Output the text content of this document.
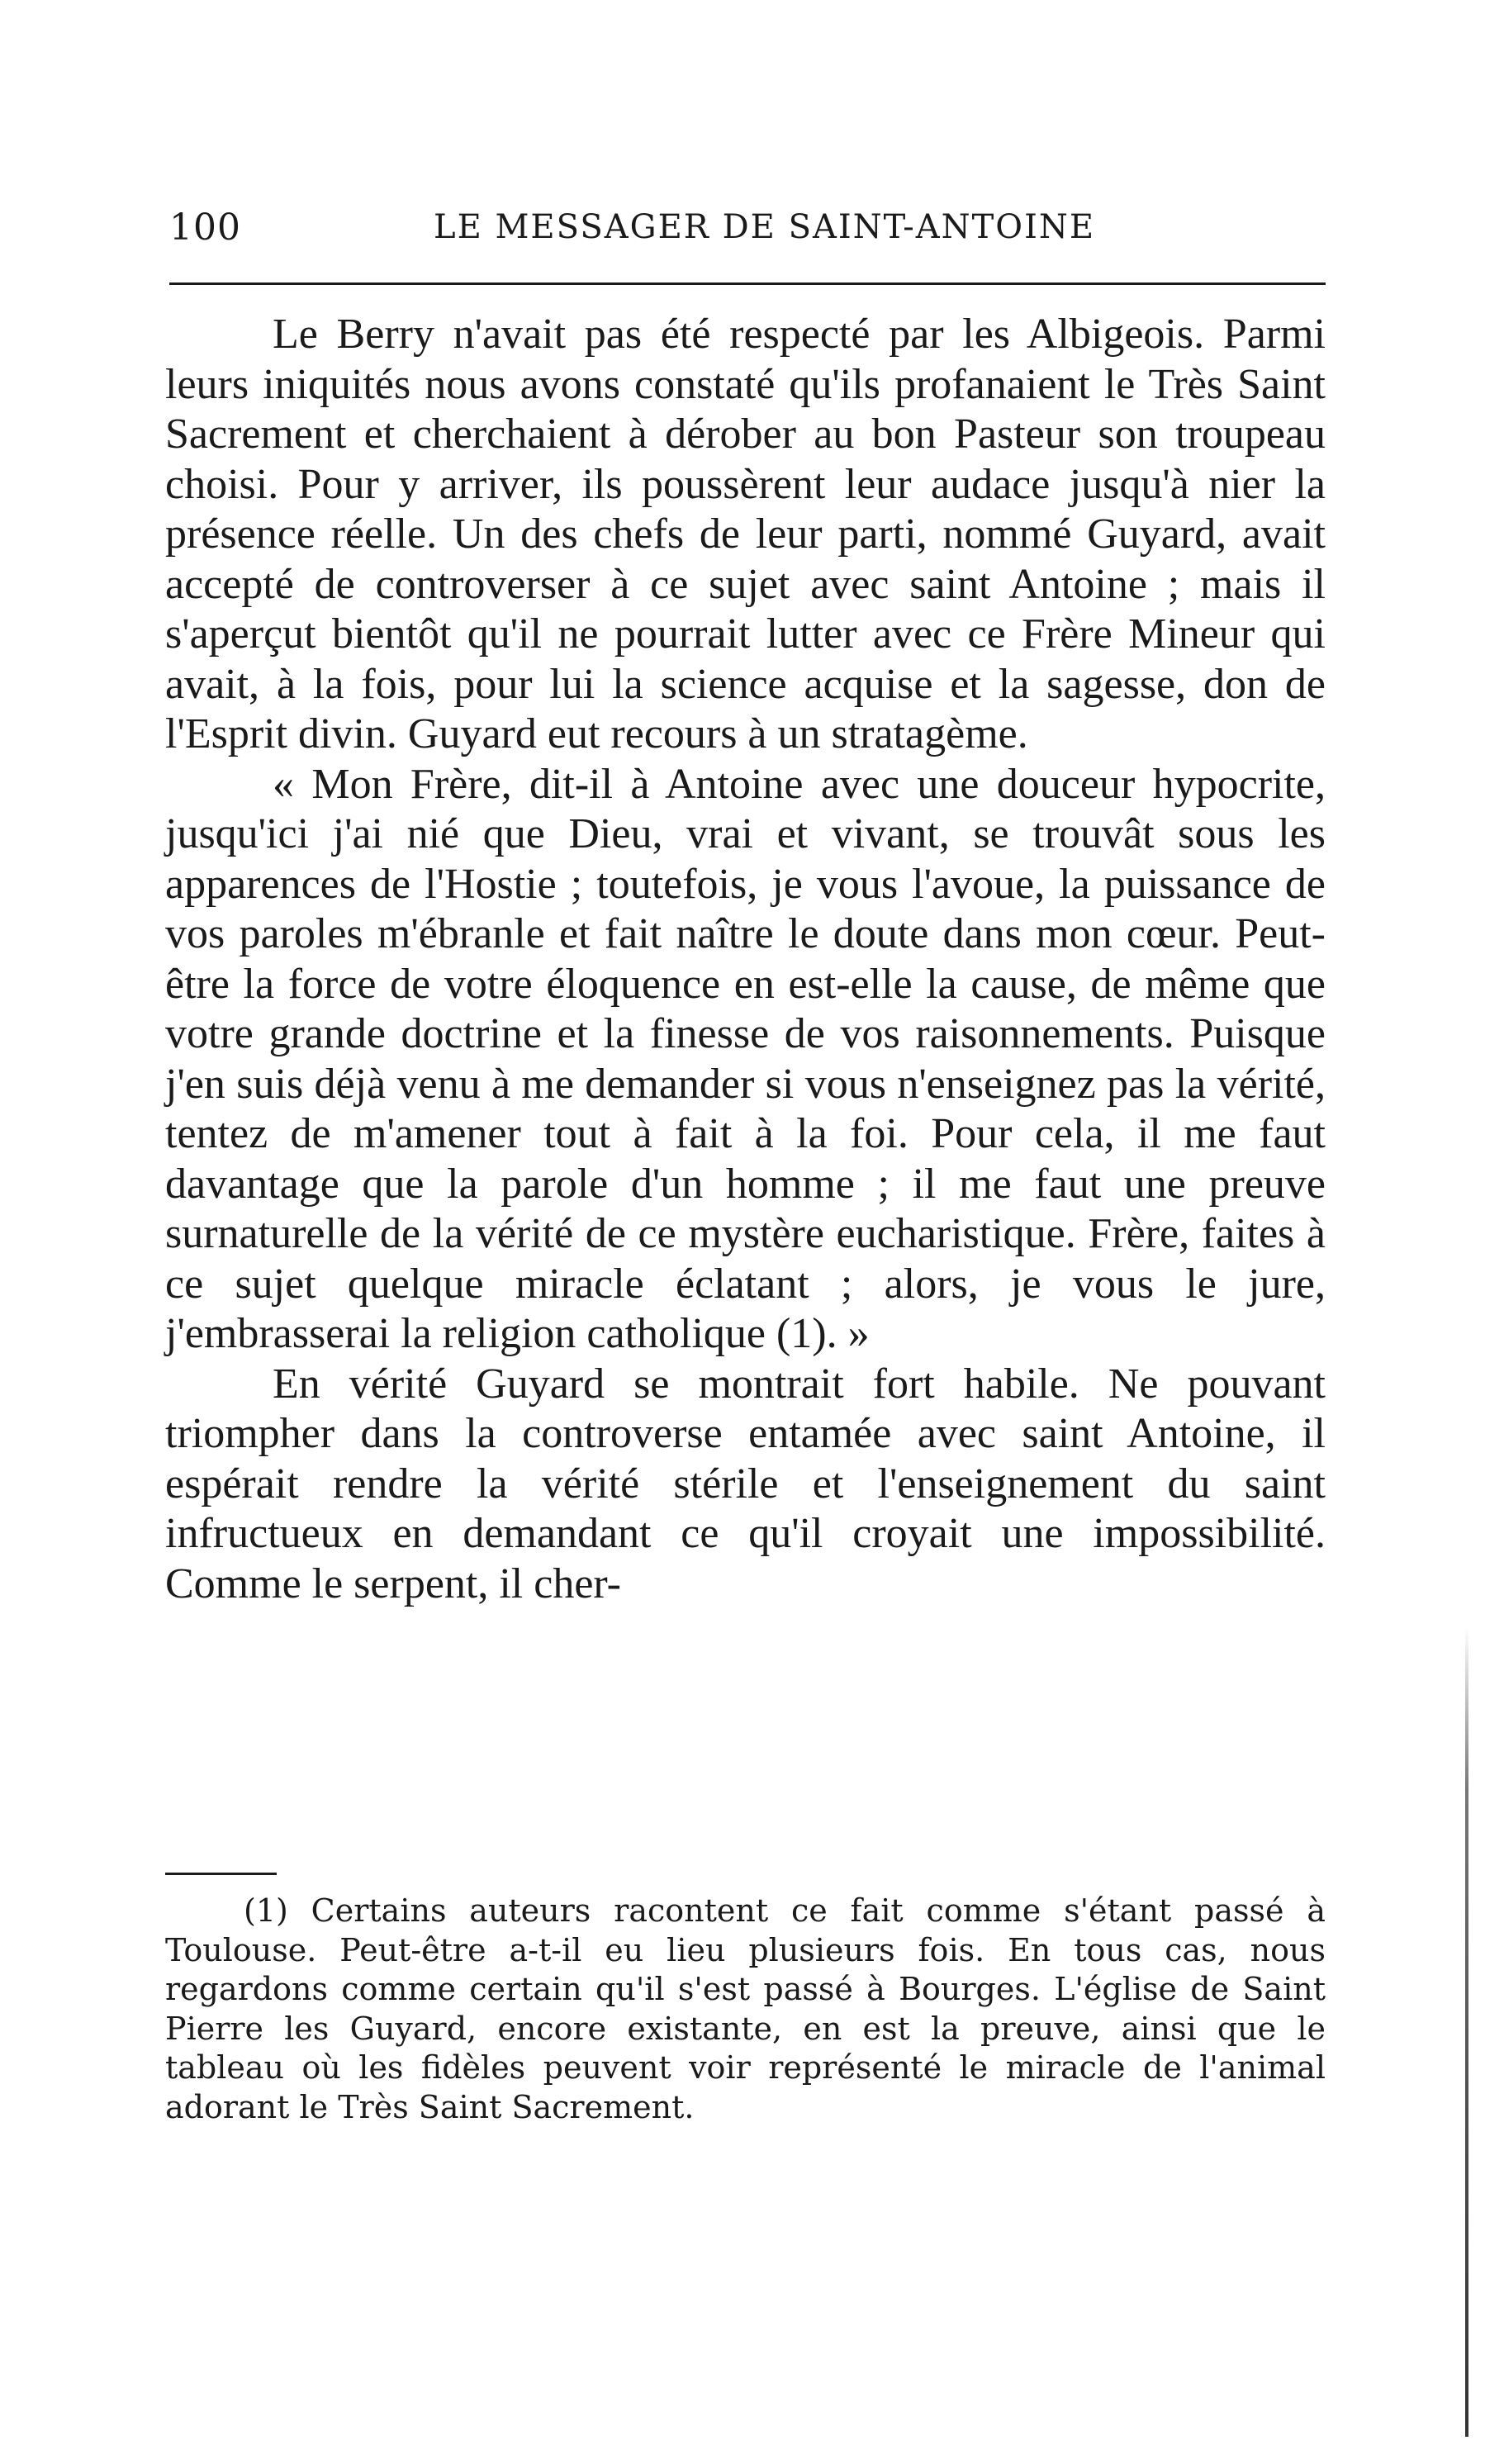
100	LE MESSAGER DE SAINT-ANTOINE

Le Berry n'avait pas été respecté par les Albigeois. Parmi leurs iniquités nous avons constaté qu'ils profanaient le Très Saint Sacrement et cherchaient à dérober au bon Pasteur son troupeau choisi. Pour y arriver, ils poussèrent leur audace jusqu'à nier la présence réelle. Un des chefs de leur parti, nommé Guyard, avait accepté de controverser à ce sujet avec saint Antoine ; mais il s'aperçut bientôt qu'il ne pourrait lutter avec ce Frère Mineur qui avait, à la fois, pour lui la science acquise et la sagesse, don de l'Esprit divin. Guyard eut recours à un stratagème.

« Mon Frère, dit-il à Antoine avec une douceur hypocrite, jusqu'ici j'ai nié que Dieu, vrai et vivant, se trouvât sous les apparences de l'Hostie ; toutefois, je vous l'avoue, la puissance de vos paroles m'ébranle et fait naître le doute dans mon cœur. Peut-être la force de votre éloquence en est-elle la cause, de même que votre grande doctrine et la finesse de vos raisonnements. Puisque j'en suis déjà venu à me demander si vous n'enseignez pas la vérité, tentez de m'amener tout à fait à la foi. Pour cela, il me faut davantage que la parole d'un homme ; il me faut une preuve surnaturelle de la vérité de ce mystère eucharistique. Frère, faites à ce sujet quelque miracle éclatant ; alors, je vous le jure, j'embrasserai la religion catholique (1). »

En vérité Guyard se montrait fort habile. Ne pouvant triompher dans la controverse entamée avec saint Antoine, il espérait rendre la vérité stérile et l'enseignement du saint infructueux en demandant ce qu'il croyait une impossibilité. Comme le serpent, il cher-

(1) Certains auteurs racontent ce fait comme s'étant passé à Toulouse. Peut-être a-t-il eu lieu plusieurs fois. En tous cas, nous regardons comme certain qu'il s'est passé à Bourges. L'église de Saint Pierre les Guyard, encore existante, en est la preuve, ainsi que le tableau où les fidèles peuvent voir représenté le miracle de l'animal adorant le Très Saint Sacrement.
